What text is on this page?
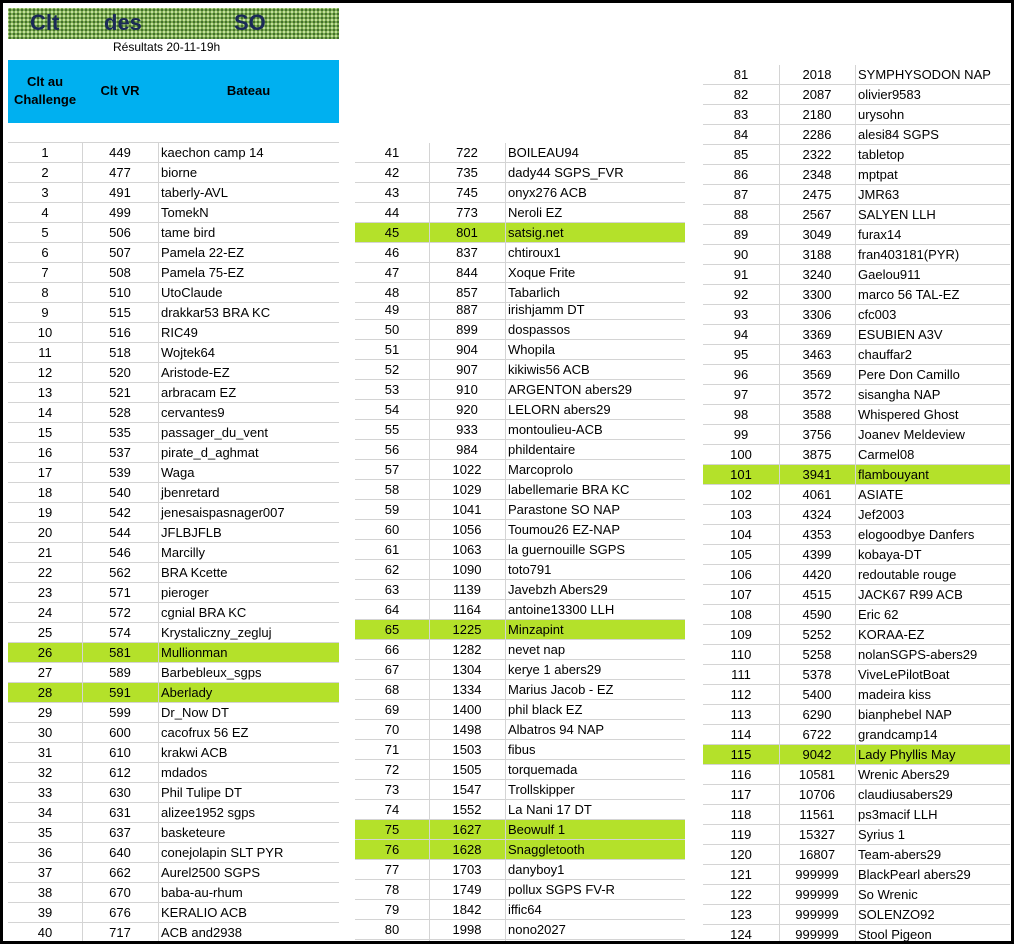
Clt des	SO
Résultats 20-11-19h
Clt au
Challenge
Clt VR	Bateau
1	449	kaechon camp 14
2	477	biorne
3	491	taberly-AVL
4	499	TomekN
5	506	tame bird
6	507	Pamela 22-EZ
7	508	Pamela 75-EZ
8	510	UtoClaude
9	515	drakkar53 BRA KC
10	516	RIC49
11	518	Wojtek64
12	520	Aristode-EZ
13	521	arbracam EZ
14	528	cervantes9
15	535	passager_du_vent
16	537	pirate_d_aghmat
17	539	Waga
18	540	jbenretard
19	542	jenesaispasnager007
20	544	JFLBJFLB
21	546	Marcilly
22	562	BRA Kcette
23	571	pieroger
24	572	cgnial BRA KC
25	574	Krystaliczny_zegluj
26	581	Mullionman
27	589	Barbebleux_sgps
28	591	Aberlady
29	599	Dr_Now DT
30	600	cacofrux 56 EZ
31	610	krakwi ACB
32	612	mdados
33	630	Phil Tulipe DT
34	631	alizee1952 sgps
35	637	basketeure
36	640	conejolapin SLT PYR
37	662	Aurel2500 SGPS
38	670	baba-au-rhum
39	676	KERALIO ACB
40	717	ACB and2938
41	722	BOILEAU94
42	735	dady44 SGPS_FVR
43	745	onyx276 ACB
44	773	Neroli EZ
45	801	satsig.net
46	837	chtiroux1
47	844	Xoque Frite
48	857	Tabarlich
49	887	irishjamm DT
50	899	dospassos
51	904	Whopila
52	907	kikiwis56 ACB
53	910	ARGENTON abers29
54	920	LELORN abers29
55	933	montoulieu-ACB
56	984	phildentaire
57	1022	Marcoprolo
58	1029	labellemarie BRA KC
59	1041	Parastone SO NAP
60	1056	Toumou26 EZ-NAP
61	1063	la guernouille SGPS
62	1090	toto791
63	1139	Javebzh Abers29
64	1164	antoine13300 LLH
65	1225	Minzapint
66	1282	nevet nap
67	1304	kerye 1 abers29
68	1334	Marius Jacob - EZ
69	1400	phil black EZ
70	1498	Albatros 94 NAP
71	1503	fibus
72	1505	torquemada
73	1547	Trollskipper
74	1552	La Nani 17 DT
75	1627	Beowulf 1
76	1628	Snaggletooth
77	1703	danyboy1
78	1749	pollux SGPS FV-R
79	1842	iffic64
80	1998	nono2027
81	2018	SYMPHYSODON NAP
82	2087	olivier9583
83	2180	urysohn
84	2286	alesi84 SGPS
85	2322	tabletop
86	2348	mptpat
87	2475	JMR63
88	2567	SALYEN LLH
89	3049	furax14
90	3188	fran403181(PYR)
91	3240	Gaelou911
92	3300	marco 56 TAL-EZ
93	3306	cfc003
94	3369	ESUBIEN A3V
95	3463	chauffar2
96	3569	Pere Don Camillo
97	3572	sisangha NAP
98	3588	Whispered Ghost
99	3756	Joanev Meldeview
100	3875	Carmel08
101	3941	flambouyant
102	4061	ASIATE
103	4324	Jef2003
104	4353	elogoodbye Danfers
105	4399	kobaya-DT
106	4420	redoutable rouge
107	4515	JACK67 R99 ACB
108	4590	Eric 62
109	5252	KORAA-EZ
110	5258	nolanSGPS-abers29
111	5378	ViveLePilotBoat
112	5400	madeira kiss
113	6290	bianphebel NAP
114	6722	grandcamp14
115	9042	Lady Phyllis May
116	10581	Wrenic Abers29
117	10706	claudiusabers29
118	11561	ps3macif LLH
119	15327	Syrius 1
120	16807	Team-abers29
121	999999	BlackPearl abers29
122	999999	So Wrenic
123	999999	SOLENZO92
124	999999	Stool Pigeon
